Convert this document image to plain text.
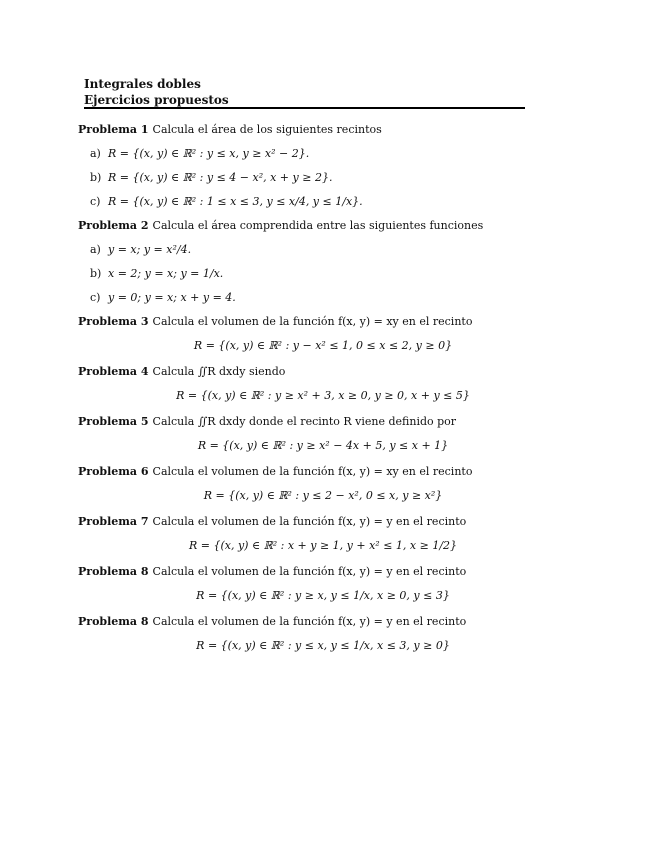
Integrales dobles
Ejercicios propuestos
Problema 1 Calcula el área de los siguientes recintos
a) R = {(x, y) ∈ ℝ² : y ≤ x, y ≥ x² − 2}.
b) R = {(x, y) ∈ ℝ² : y ≤ 4 − x², x + y ≥ 2}.
c) R = {(x, y) ∈ ℝ² : 1 ≤ x ≤ 3, y ≤ x/4, y ≤ 1/x}.
Problema 2 Calcula el área comprendida entre las siguientes funciones
a) y = x; y = x²/4.
b) x = 2; y = x; y = 1/x.
c) y = 0; y = x; x + y = 4.
Problema 3 Calcula el volumen de la función f(x, y) = xy en el recinto
R = {(x, y) ∈ ℝ² : y − x² ≤ 1, 0 ≤ x ≤ 2, y ≥ 0}
Problema 4 Calcula ∬R dxdy siendo
R = {(x, y) ∈ ℝ² : y ≥ x² + 3, x ≥ 0, y ≥ 0, x + y ≤ 5}
Problema 5 Calcula ∬R dxdy donde el recinto R viene definido por
R = {(x, y) ∈ ℝ² : y ≥ x² − 4x + 5, y ≤ x + 1}
Problema 6 Calcula el volumen de la función f(x, y) = xy en el recinto
R = {(x, y) ∈ ℝ² : y ≤ 2 − x², 0 ≤ x, y ≥ x²}
Problema 7 Calcula el volumen de la función f(x, y) = y en el recinto
R = {(x, y) ∈ ℝ² : x + y ≥ 1, y + x² ≤ 1, x ≥ 1/2}
Problema 8 Calcula el volumen de la función f(x, y) = y en el recinto
R = {(x, y) ∈ ℝ² : y ≥ x, y ≤ 1/x, x ≥ 0, y ≤ 3}
Problema 8 Calcula el volumen de la función f(x, y) = y en el recinto
R = {(x, y) ∈ ℝ² : y ≤ x, y ≤ 1/x, x ≤ 3, y ≥ 0}
